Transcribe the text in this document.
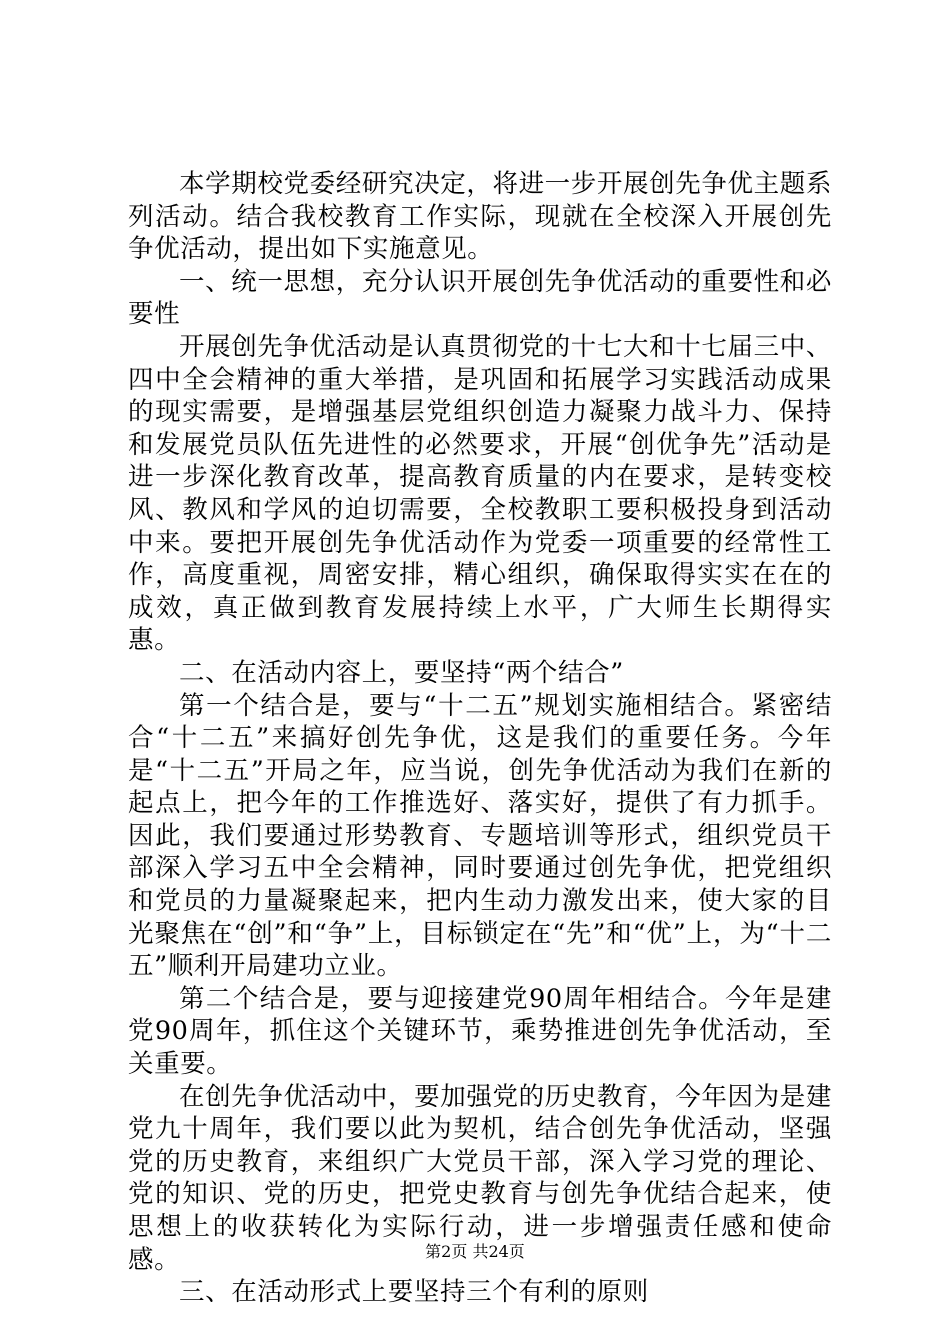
本学期校党委经研究决定，将进一步开展创先争优主题系列活动。结合我校教育工作实际，现就在全校深入开展创先争优活动，提出如下实施意见。

一、统一思想，充分认识开展创先争优活动的重要性和必要性

开展创先争优活动是认真贯彻党的十七大和十七届三中、四中全会精神的重大举措，是巩固和拓展学习实践活动成果的现实需要，是增强基层党组织创造力凝聚力战斗力、保持和发展党员队伍先进性的必然要求，开展“创优争先”活动是进一步深化教育改革，提高教育质量的内在要求，是转变校风、教风和学风的迫切需要，全校教职工要积极投身到活动中来。要把开展创先争优活动作为党委一项重要的经常性工作，高度重视，周密安排，精心组织，确保取得实实在在的成效，真正做到教育发展持续上水平，广大师生长期得实惠。

二、在活动内容上，要坚持“两个结合”

第一个结合是，要与“十二五”规划实施相结合。紧密结合“十二五”来搞好创先争优，这是我们的重要任务。今年是“十二五”开局之年，应当说，创先争优活动为我们在新的起点上，把今年的工作推选好、落实好，提供了有力抓手。因此，我们要通过形势教育、专题培训等形式，组织党员干部深入学习五中全会精神，同时要通过创先争优，把党组织和党员的力量凝聚起来，把内生动力激发出来，使大家的目光聚焦在“创”和“争”上，目标锁定在“先”和“优”上，为“十二五”顺利开局建功立业。

第二个结合是，要与迎接建党90周年相结合。今年是建党90周年，抓住这个关键环节，乘势推进创先争优活动，至关重要。

在创先争优活动中，要加强党的历史教育，今年因为是建党九十周年，我们要以此为契机，结合创先争优活动，坚强党的历史教育，来组织广大党员干部，深入学习党的理论、党的知识、党的历史，把党史教育与创先争优结合起来，使思想上的收获转化为实际行动，进一步增强责任感和使命感。

三、在活动形式上要坚持三个有利的原则

第2页 共24页
